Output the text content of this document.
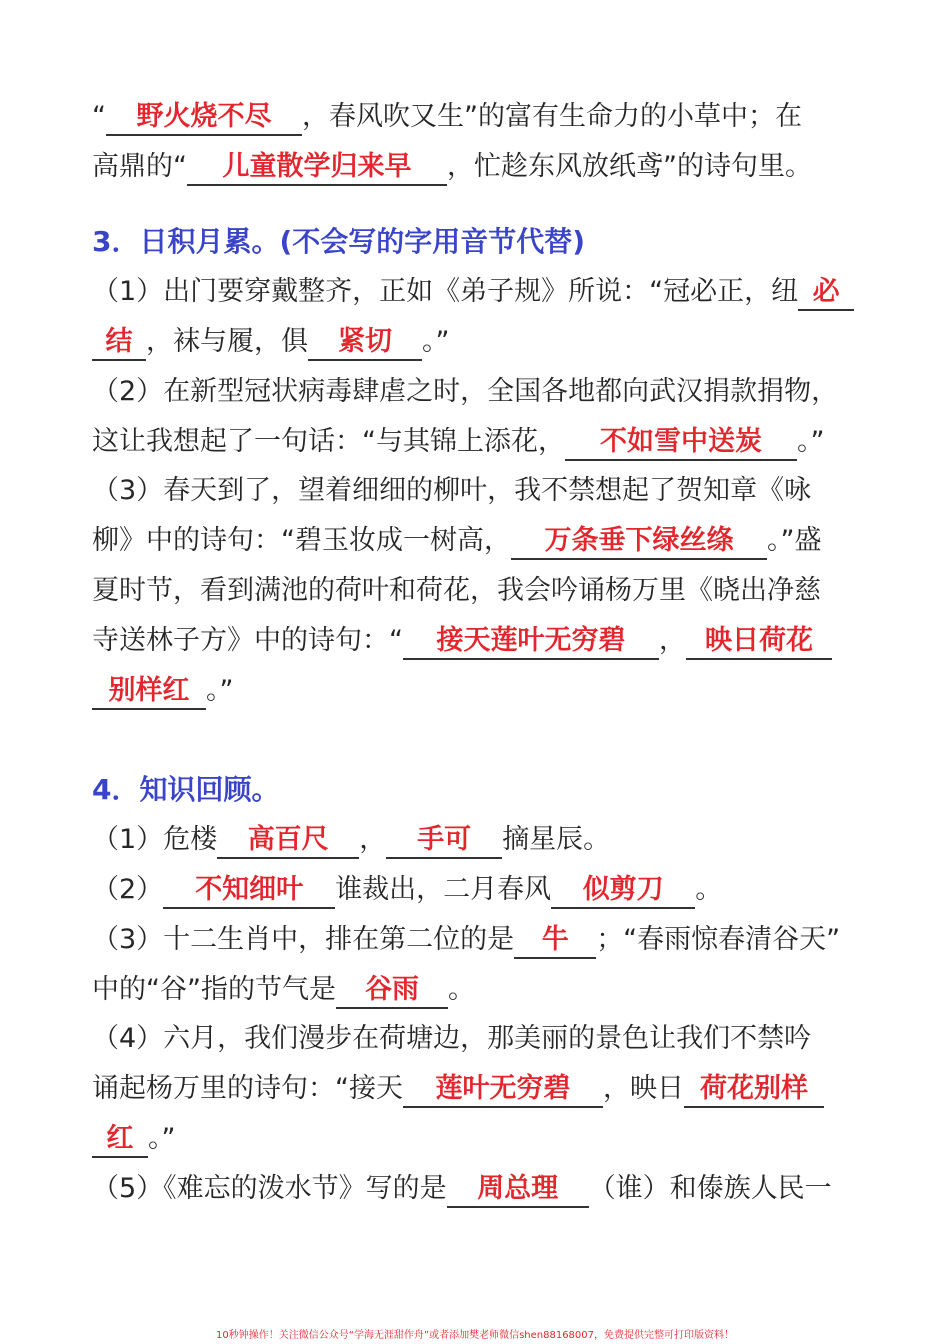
“ 野火烧不尽 ，春风吹又生”的富有生命力的小草中；在
高鼎的“ 儿童散学归来早 ，忙趁东风放纸鸢”的诗句里。
3．日积月累。(不会写的字用音节代替)
（1）出门要穿戴整齐，正如《弟子规》所说：“冠必正，纽 必
结 ，袜与履，俱 紧切 。”
（2）在新型冠状病毒肆虐之时，全国各地都向武汉捐款捐物，
这让我想起了一句话：“与其锦上添花， 不如雪中送炭 。”
（3）春天到了，望着细细的柳叶，我不禁想起了贺知章《咏
柳》中的诗句：“碧玉妆成一树高， 万条垂下绿丝绦 。”盛
夏时节，看到满池的荷叶和荷花，我会吟诵杨万里《晓出净慈
寺送林子方》中的诗句：“ 接天莲叶无穷碧 ， 映日荷花
别样红 。”
4．知识回顾。
（1）危楼 高百尺 ， 手可 摘星辰。
（2） 不知细叶 谁裁出，二月春风 似剪刀 。
（3）十二生肖中，排在第二位的是 牛 ；“春雨惊春清谷天”
中的“谷”指的节气是 谷雨 。
（4）六月，我们漫步在荷塘边，那美丽的景色让我们不禁吟
诵起杨万里的诗句：“接天 莲叶无穷碧 ，映日 荷花别样
红 。”
（5）《难忘的泼水节》写的是 周总理 （谁）和傣族人民一
10秒钟操作！关注微信公众号“学海无涯甜作舟”或者添加樊老师微信shen88168007，免费提供完整可打印版资料！
